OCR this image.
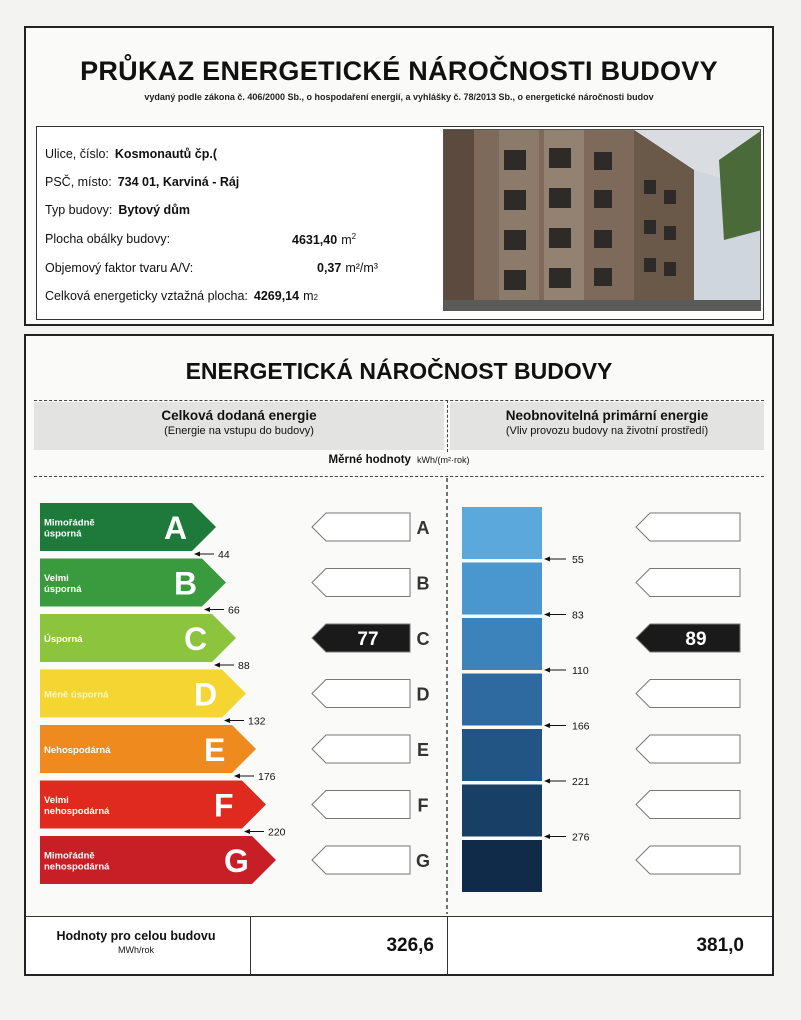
PRŮKAZ ENERGETICKÉ NÁROČNOSTI BUDOVY
vydaný podle zákona č. 406/2000 Sb., o hospodaření energií, a vyhlášky č. 78/2013 Sb., o energetické náročnosti budov
Ulice, číslo: Kosmonautů čp.(
PSČ, místo: 734 01, Karviná - Ráj
Typ budovy: Bytový dům
Plocha obálky budovy:	4631,40 $m^2$
Objemový faktor tvaru A/V:	0,37 m²/m³
Celková energeticky vztažná plocha: 4269,14 m 2
ENERGETICKÁ NÁROČNOST BUDOVY
Celková dodaná energie
(Energie na vstupu do budovy)
Neobnovitelná primární energie
(Vliv provozu budovy na životní prostředí)
Měrné hodnoty kWh/(m²·rok)
Mimořádně
úsporná	A
44
A
55
Velmi
úsporná	B
66
B
83
Úsporná	C
88
77 C
110
89
Méně úsporná	D
132
D
166
Nehospodárná	E
176
E
221
Velmi
nehospodárná	F
220
F
276
Mimořádně
nehospodárná	G	G
Hodnoty pro celou budovu
MWh/rok	326,6	381,0
